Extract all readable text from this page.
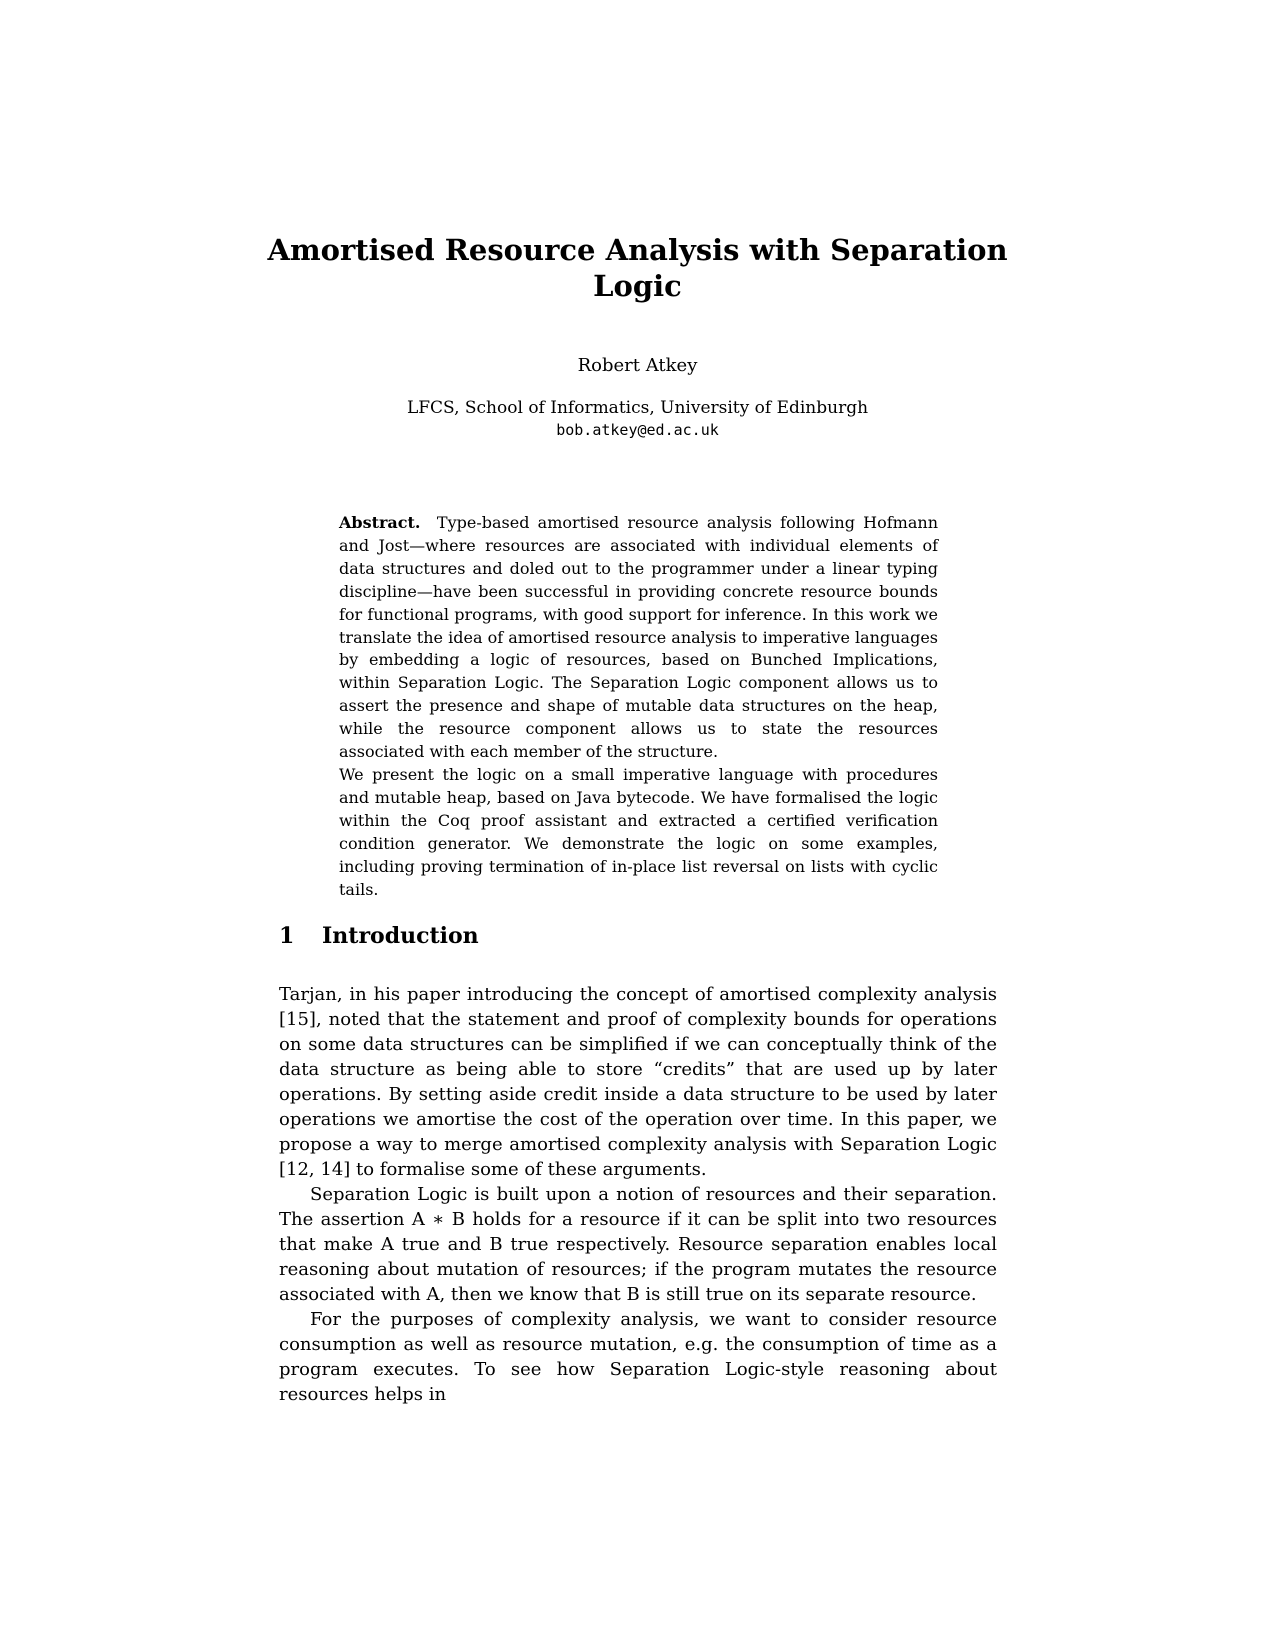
Amortised Resource Analysis with Separation
Logic
Robert Atkey
LFCS, School of Informatics, University of Edinburgh
bob.atkey@ed.ac.uk

Abstract. Type-based amortised resource analysis following Hofmann and Jost—where resources are associated with individual elements of data structures and doled out to the programmer under a linear typing discipline—have been successful in providing concrete resource bounds for functional programs, with good support for inference. In this work we translate the idea of amortised resource analysis to imperative languages by embedding a logic of resources, based on Bunched Implications, within Separation Logic. The Separation Logic component allows us to assert the presence and shape of mutable data structures on the heap, while the resource component allows us to state the resources associated with each member of the structure.

We present the logic on a small imperative language with procedures and mutable heap, based on Java bytecode. We have formalised the logic within the Coq proof assistant and extracted a certified verification condition generator. We demonstrate the logic on some examples, including proving termination of in-place list reversal on lists with cyclic tails.

1 Introduction

Tarjan, in his paper introducing the concept of amortised complexity analysis [15], noted that the statement and proof of complexity bounds for operations on some data structures can be simplified if we can conceptually think of the data structure as being able to store “credits” that are used up by later operations. By setting aside credit inside a data structure to be used by later operations we amortise the cost of the operation over time. In this paper, we propose a way to merge amortised complexity analysis with Separation Logic [12, 14] to formalise some of these arguments.

Separation Logic is built upon a notion of resources and their separation. The assertion A ∗ B holds for a resource if it can be split into two resources that make A true and B true respectively. Resource separation enables local reasoning about mutation of resources; if the program mutates the resource associated with A, then we know that B is still true on its separate resource.

For the purposes of complexity analysis, we want to consider resource consumption as well as resource mutation, e.g. the consumption of time as a program executes. To see how Separation Logic-style reasoning about resources helps in
